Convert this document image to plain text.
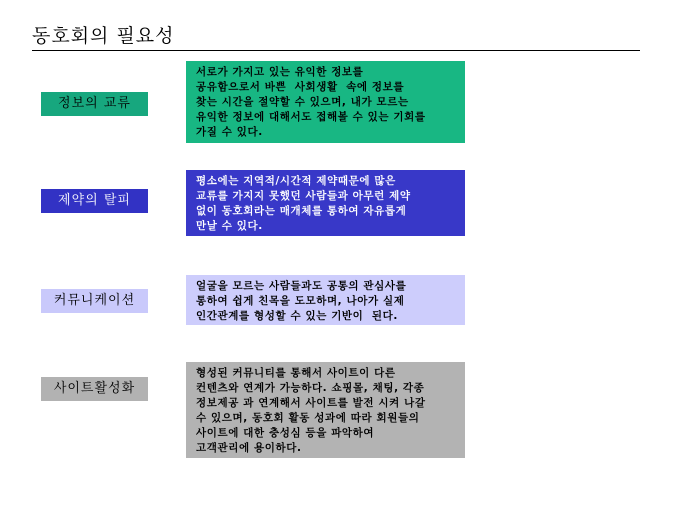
동호회의 필요성
정보의 교류
서로가 가지고 있는 유익한 정보를
공유함으로서 바쁜  사회생활  속에 정보를
찾는 시간을 절약할 수 있으며, 내가 모르는
유익한 정보에 대해서도 접해볼 수 있는 기회를
가질 수 있다.
제약의 탈피
평소에는 지역적/시간적 제약때문에 많은
교류를 가지지 못했던 사람들과 아무런 제약
없이 동호회라는 매개체를 통하여 자유롭게
만날 수 있다.
커뮤니케이션
얼굴을 모르는 사람들과도 공통의 관심사를
통하여 쉽게 친목을 도모하며, 나아가 실제
인간관계를 형성할 수 있는 기반이  된다.
사이트활성화
형성된 커뮤니티를 통해서 사이트이 다른
컨텐츠와 연계가 가능하다. 쇼핑몰, 채팅, 각종
정보제공 과 연계해서 사이트를 발전 시켜 나갈
수 있으며, 동호회 활동 성과에 따라 회원들의
사이트에 대한 충성심 등을 파악하여
고객관리에 용이하다.
